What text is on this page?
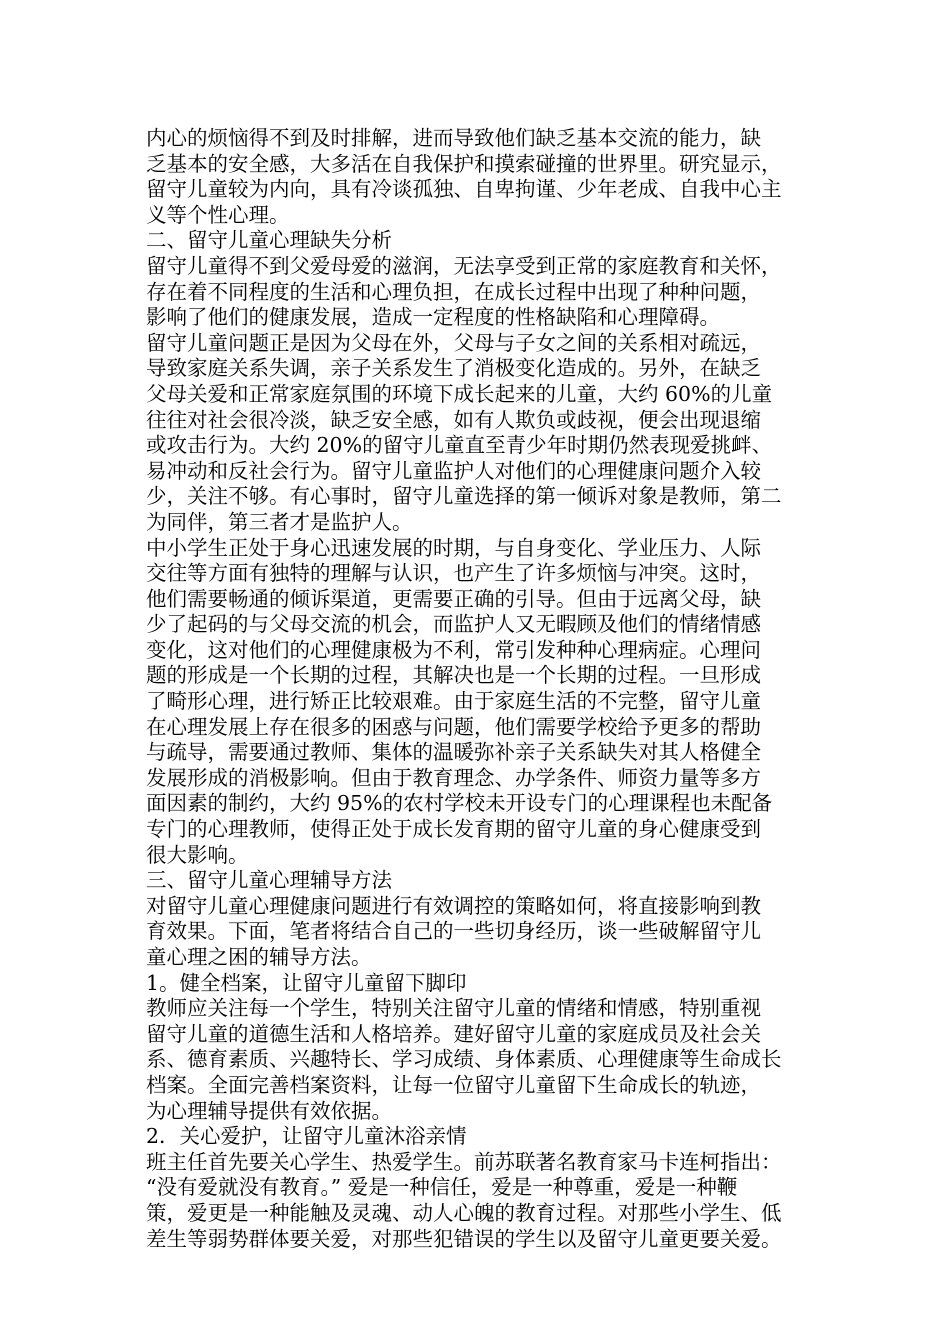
内心的烦恼得不到及时排解，进而导致他们缺乏基本交流的能力，缺
乏基本的安全感，大多活在自我保护和摸索碰撞的世界里。研究显示，
留守儿童较为内向，具有冷谈孤独、自卑拘谨、少年老成、自我中心主
义等个性心理。
二、留守儿童心理缺失分析
留守儿童得不到父爱母爱的滋润，无法享受到正常的家庭教育和关怀，
存在着不同程度的生活和心理负担，在成长过程中出现了种种问题，
影响了他们的健康发展，造成一定程度的性格缺陷和心理障碍。
留守儿童问题正是因为父母在外，父母与子女之间的关系相对疏远，
导致家庭关系失调，亲子关系发生了消极变化造成的。另外，在缺乏
父母关爱和正常家庭氛围的环境下成长起来的儿童，大约 60%的儿童
往往对社会很冷淡，缺乏安全感，如有人欺负或歧视，便会出现退缩
或攻击行为。大约 20%的留守儿童直至青少年时期仍然表现爱挑衅、
易冲动和反社会行为。留守儿童监护人对他们的心理健康问题介入较
少，关注不够。有心事时，留守儿童选择的第一倾诉对象是教师，第二
为同伴，第三者才是监护人。
中小学生正处于身心迅速发展的时期，与自身变化、学业压力、人际
交往等方面有独特的理解与认识，也产生了许多烦恼与冲突。这时，
他们需要畅通的倾诉渠道，更需要正确的引导。但由于远离父母，缺
少了起码的与父母交流的机会，而监护人又无暇顾及他们的情绪情感
变化，这对他们的心理健康极为不利，常引发种种心理病症。心理问
题的形成是一个长期的过程，其解决也是一个长期的过程。一旦形成
了畸形心理，进行矫正比较艰难。由于家庭生活的不完整，留守儿童
在心理发展上存在很多的困惑与问题，他们需要学校给予更多的帮助
与疏导，需要通过教师、集体的温暖弥补亲子关系缺失对其人格健全
发展形成的消极影响。但由于教育理念、办学条件、师资力量等多方
面因素的制约，大约 95%的农村学校未开设专门的心理课程也未配备
专门的心理教师，使得正处于成长发育期的留守儿童的身心健康受到
很大影响。
三、留守儿童心理辅导方法
对留守儿童心理健康问题进行有效调控的策略如何，将直接影响到教
育效果。下面，笔者将结合自己的一些切身经历，谈一些破解留守儿
童心理之困的辅导方法。
1。健全档案，让留守儿童留下脚印
教师应关注每一个学生，特别关注留守儿童的情绪和情感，特别重视
留守儿童的道德生活和人格培养。建好留守儿童的家庭成员及社会关
系、德育素质、兴趣特长、学习成绩、身体素质、心理健康等生命成长
档案。全面完善档案资料，让每一位留守儿童留下生命成长的轨迹，
为心理辅导提供有效依据。
2．关心爱护，让留守儿童沐浴亲情
班主任首先要关心学生、热爱学生。前苏联著名教育家马卡连柯指出：
“没有爱就没有教育。” 爱是一种信任，爱是一种尊重，爱是一种鞭
策，爱更是一种能触及灵魂、动人心魄的教育过程。对那些小学生、低
差生等弱势群体要关爱，对那些犯错误的学生以及留守儿童更要关爱。
